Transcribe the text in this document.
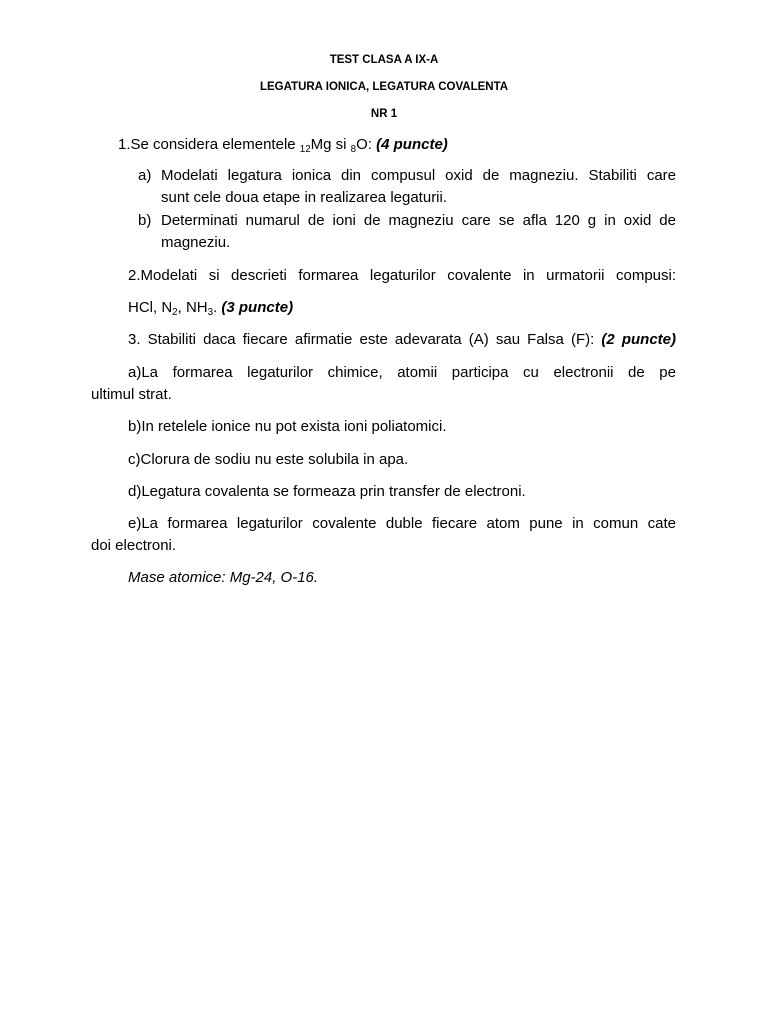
TEST CLASA A IX-A
LEGATURA IONICA, LEGATURA COVALENTA
NR 1
1.Se considera elementele 12Mg si 8O: (4 puncte)
a) Modelati legatura ionica din compusul oxid de magneziu. Stabiliti care
sunt cele doua etape in realizarea legaturii.
b) Determinati numarul de ioni de magneziu care se afla 120 g in oxid de
magneziu.
2.Modelati si descrieti formarea legaturilor covalente in urmatorii compusi:
HCl, N2, NH3. (3 puncte)
3. Stabiliti daca fiecare afirmatie este adevarata (A) sau Falsa (F): (2 puncte)
a)La formarea legaturilor chimice, atomii participa cu electronii de pe
ultimul strat.
b)In retelele ionice nu pot exista ioni poliatomici.
c)Clorura de sodiu nu este solubila in apa.
d)Legatura covalenta se formeaza prin transfer de electroni.
e)La formarea legaturilor covalente duble fiecare atom pune in comun cate
doi electroni.
Mase atomice: Mg-24, O-16.
